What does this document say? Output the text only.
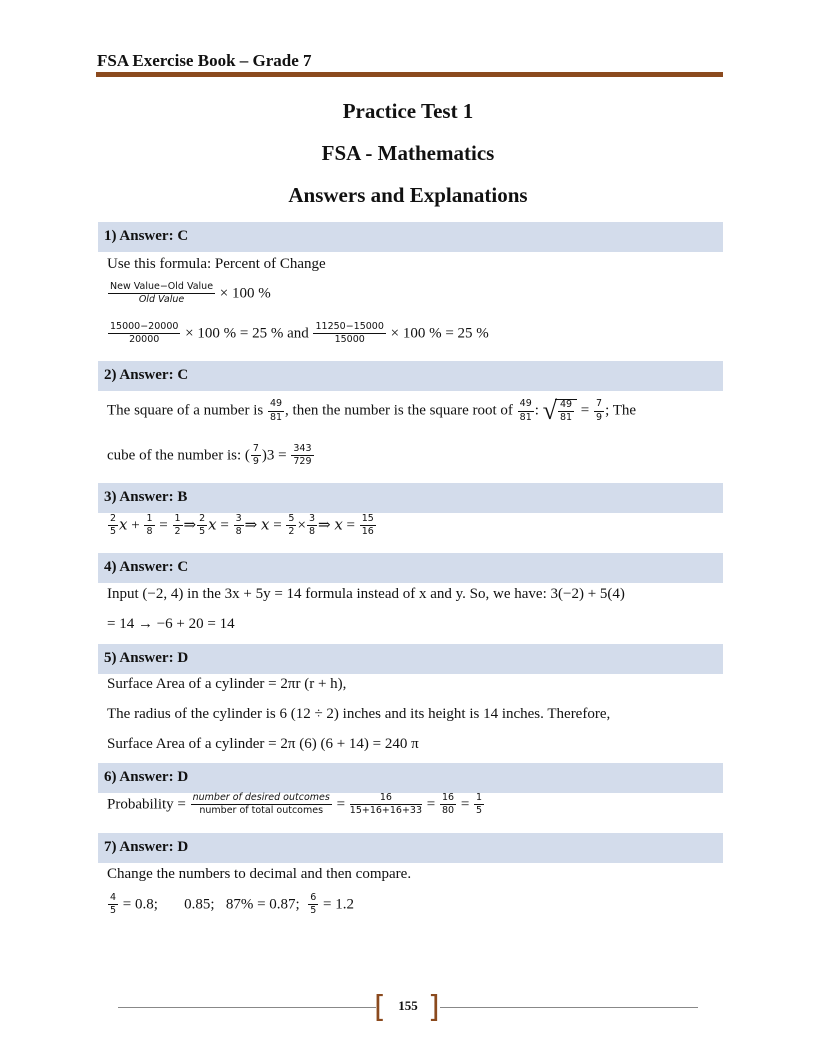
FSA Exercise Book – Grade 7
Practice Test 1
FSA - Mathematics
Answers and Explanations
1) Answer: C
Use this formula: Percent of Change
$\frac{\text{New Value−Old Value}}{\text{Old Value}} \times 100$ %
$\frac{15000-20000}{20000} \times 100$ % = 25 % and $\frac{11250-15000}{15000} \times 100$ % = 25 %
2) Answer: C
The square of a number is $\frac{49}{81}$ , then the number is the square root of $\frac{49}{81}$ : √ $\frac{49}{81} = \frac{7}{9}$ ; The
cube of the number is: ( $\frac{7}{9} )3 = \frac{343}{729}$
3) Answer: B
$\frac{2}{5}$ $x + \frac{1}{8} = \frac{1}{2}$ ⇒ $\frac{2}{5}$ $x = \frac{3}{8}$ ⇒ $x = \frac{5}{2} \times \frac{3}{8}$ ⇒ $x = \frac{15}{16}$
4) Answer: C
Input (−2, 4) in the 3x + 5y = 14 formula instead of x and y. So, we have: 3(−2) + 5(4)
= 14 → −6 + 20 = 14
5) Answer: D
Surface Area of a cylinder = 2πr (r + h),
The radius of the cylinder is 6 (12 ÷ 2) inches and its height is 14 inches. Therefore,
Surface Area of a cylinder = 2π (6) (6 + 14) = 240 π
6) Answer: D
Probability = $\frac{\text{number of desired outcomes}}{\text{number of total outcomes}} = \frac{16}{15+16+16+33} = \frac{16}{80} = \frac{1}{5}$
7) Answer: D
Change the numbers to decimal and then compare.
$\frac{4}{5} = 0.8$;       0.85;   87% = 0.87; $\frac{6}{5} = 1.2$
[ ]
155
